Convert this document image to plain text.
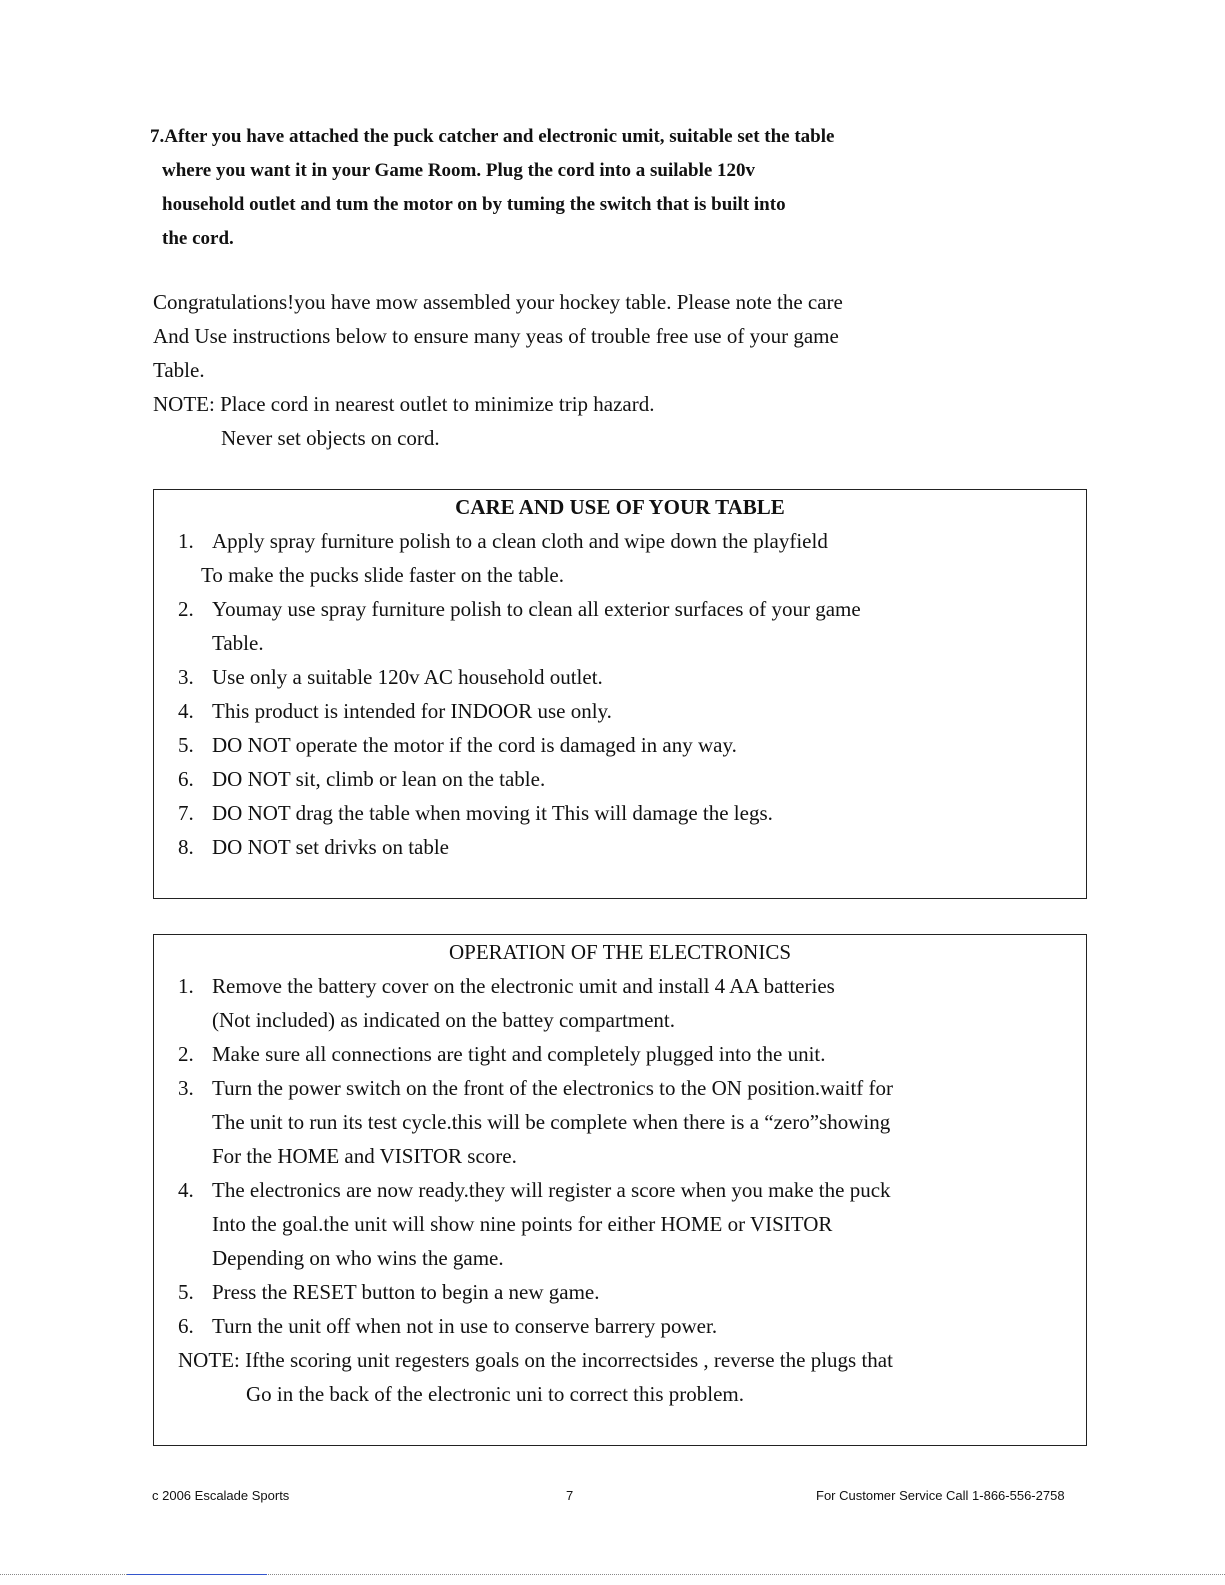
7.After you have attached the puck catcher and electronic umit, suitable set the table
where you want it in your Game Room. Plug the cord into a suilable 120v
household outlet and tum the motor on by tuming the switch that is built into
the cord.
Congratulations!you have mow assembled your hockey table. Please note the care
And Use instructions below to ensure many yeas of trouble free use of your game
Table.
NOTE: Place cord in nearest outlet to minimize trip hazard.
Never set objects on cord.
CARE AND USE OF YOUR TABLE
1. Apply spray furniture polish to a clean cloth and wipe down the playfield
To make the pucks slide faster on the table.
2. Youmay use spray furniture polish to clean all exterior surfaces of your game
Table.
3. Use only a suitable 120v AC household outlet.
4. This product is intended for INDOOR use only.
5. DO NOT operate the motor if the cord is damaged in any way.
6. DO NOT sit, climb or lean on the table.
7. DO NOT drag the table when moving it This will damage the legs.
8. DO NOT set drivks on table
OPERATION OF THE ELECTRONICS
1. Remove the battery cover on the electronic umit and install 4 AA batteries
(Not included) as indicated on the battey compartment.
2. Make sure all connections are tight and completely plugged into the unit.
3. Turn the power switch on the front of the electronics to the ON position.waitf for
The unit to run its test cycle.this will be complete when there is a “zero”showing
For the HOME and VISITOR score.
4. The electronics are now ready.they will register a score when you make the puck
Into the goal.the unit will show nine points for either HOME or VISITOR
Depending on who wins the game.
5. Press the RESET button to begin a new game.
6. Turn the unit off when not in use to conserve barrery power.
NOTE: Ifthe scoring unit regesters goals on the incorrectsides , reverse the plugs that
Go in the back of the electronic uni to correct this problem.
c 2006 Escalade Sports	7	For Customer Service Call 1-866-556-2758
